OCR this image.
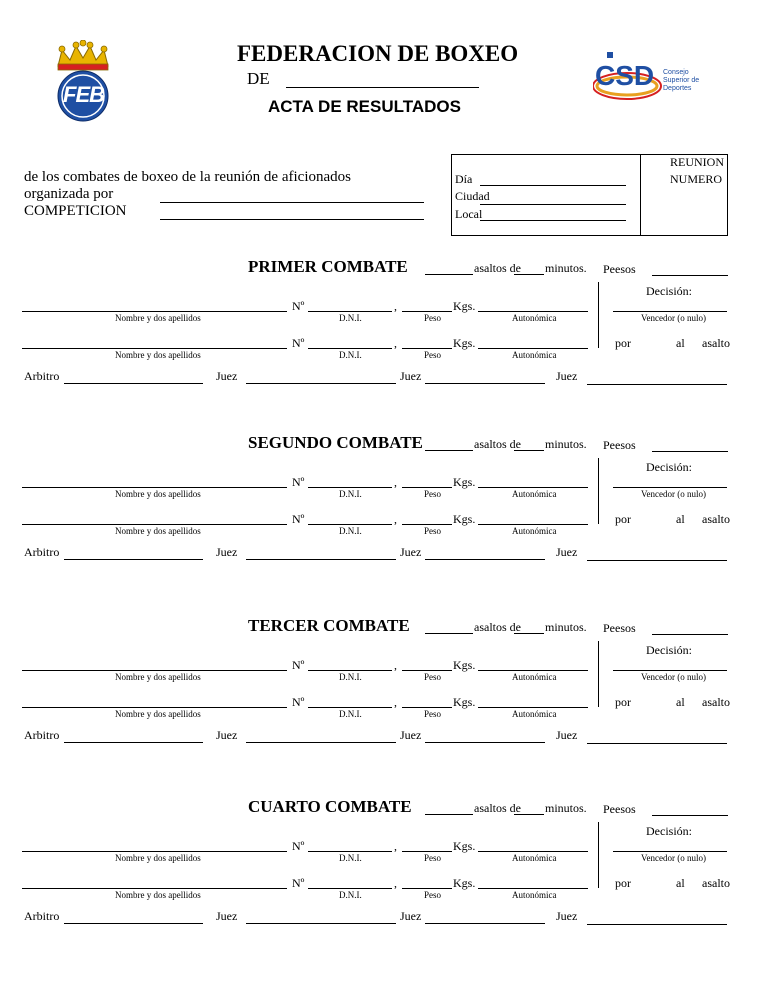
FEB
FEDERACION DE BOXEO
DE
ACTA DE RESULTADOS
CSD Consejo
Superior de
Deportes
de los combates de boxeo de la reunión de aficionados
organizada por
COMPETICION
Día
Ciudad
Local
REUNION
NUMERO
PRIMER COMBATE	asaltos de minutos. Peesos
Decisión:
Nº	,	Kgs.
Nombre y dos apellidos	D.N.I.	Peso	Autonómica	Vencedor (o nulo)
Nº	,	Kgs.
Nombre y dos apellidos	D.N.I.	Peso	Autonómica
por	al asalto
Arbitro	Juez	Juez	Juez
SEGUNDO COMBATE	asaltos de minutos. Peesos
Decisión:
Nº	,	Kgs.
Nombre y dos apellidos	D.N.I.	Peso	Autonómica	Vencedor (o nulo)
Nº	,	Kgs.
Nombre y dos apellidos	D.N.I.	Peso	Autonómica
por	al asalto
Arbitro	Juez	Juez	Juez
TERCER COMBATE	asaltos de minutos. Peesos
Decisión:
Nº	,	Kgs.
Nombre y dos apellidos	D.N.I.	Peso	Autonómica	Vencedor (o nulo)
Nº	,	Kgs.
Nombre y dos apellidos	D.N.I.	Peso	Autonómica
por	al asalto
Arbitro	Juez	Juez	Juez
CUARTO COMBATE	asaltos de minutos. Peesos
Decisión:
Nº	,	Kgs.
Nombre y dos apellidos	D.N.I.	Peso	Autonómica	Vencedor (o nulo)
Nº	,	Kgs.
Nombre y dos apellidos	D.N.I.	Peso	Autonómica
por	al asalto
Arbitro	Juez	Juez	Juez
